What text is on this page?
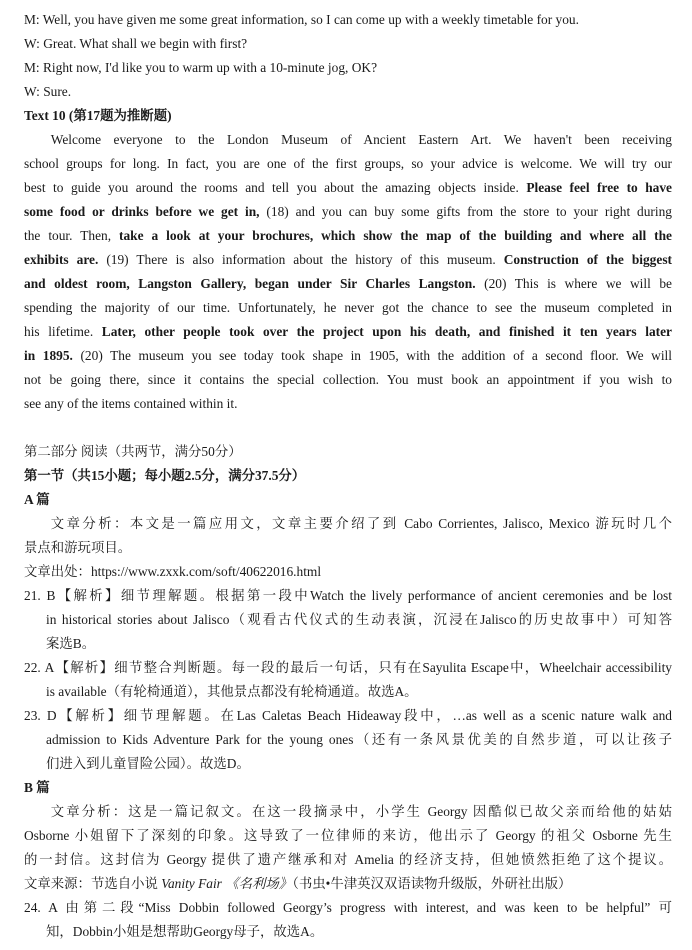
M: Well, you have given me some great information, so I can come up with a weekly timetable for you.
W: Great. What shall we begin with first?
M: Right now, I'd like you to warm up with a 10-minute jog, OK?
W: Sure.
Text 10 (第17题为推断题)
Welcome everyone to the London Museum of Ancient Eastern Art. We haven't been receiving
school groups for long. In fact, you are one of the first groups, so your advice is welcome. We will try our
best to guide you around the rooms and tell you about the amazing objects inside. Please feel free to have
some food or drinks before we get in, (18) and you can buy some gifts from the store to your right during
the tour. Then, take a look at your brochures, which show the map of the building and where all the
exhibits are. (19) There is also information about the history of this museum. Construction of the biggest
and oldest room, Langston Gallery, began under Sir Charles Langston. (20) This is where we will be
spending the majority of our time. Unfortunately, he never got the chance to see the museum completed in
his lifetime. Later, other people took over the project upon his death, and finished it ten years later
in 1895. (20) The museum you see today took shape in 1905, with the addition of a second floor. We will
not be going there, since it contains the special collection. You must book an appointment if you wish to
see any of the items contained within it.
第二部分 阅读（共两节，满分50分）
第一节（共15小题；每小题2.5分，满分37.5分）
A 篇
文章分析：本文是一篇应用文，文章主要介绍了到 Cabo Corrientes, Jalisco, Mexico 游玩时几个
景点和游玩项目。
文章出处：https://www.zxxk.com/soft/40622016.html
21. B【解析】细节理解题。根据第一段中Watch the lively performance of ancient ceremonies and be lost
in historical stories about Jalisco（观看古代仪式的生动表演，沉浸在Jalisco的历史故事中）可知答
案选B。
22. A【解析】细节整合判断题。每一段的最后一句话，只有在Sayulita Escape中，Wheelchair accessibility
is available（有轮椅通道），其他景点都没有轮椅通道。故选A。
23. D【解析】细节理解题。在Las Caletas Beach Hideaway段中，…as well as a scenic nature walk and
admission to Kids Adventure Park for the young ones（还有一条风景优美的自然步道，可以让孩子
们进入到儿童冒险公园）。故选D。
B 篇
文章分析：这是一篇记叙文。在这一段摘录中，小学生 Georgy 因酷似已故父亲而给他的姑姑
Osborne 小姐留下了深刻的印象。这导致了一位律师的来访，他出示了 Georgy 的祖父 Osborne 先生
的一封信。这封信为 Georgy 提供了遗产继承和对 Amelia 的经济支持，但她愤然拒绝了这个提议。
文章来源：节选自小说 Vanity Fair 《名利场》（书虫•牛津英汉双语读物升级版，外研社出版）
24. A 由第二段“Miss Dobbin followed Georgy’s progress with interest, and was keen to be helpful” 可
知，Dobbin小姐是想帮助Georgy母子，故选A。
